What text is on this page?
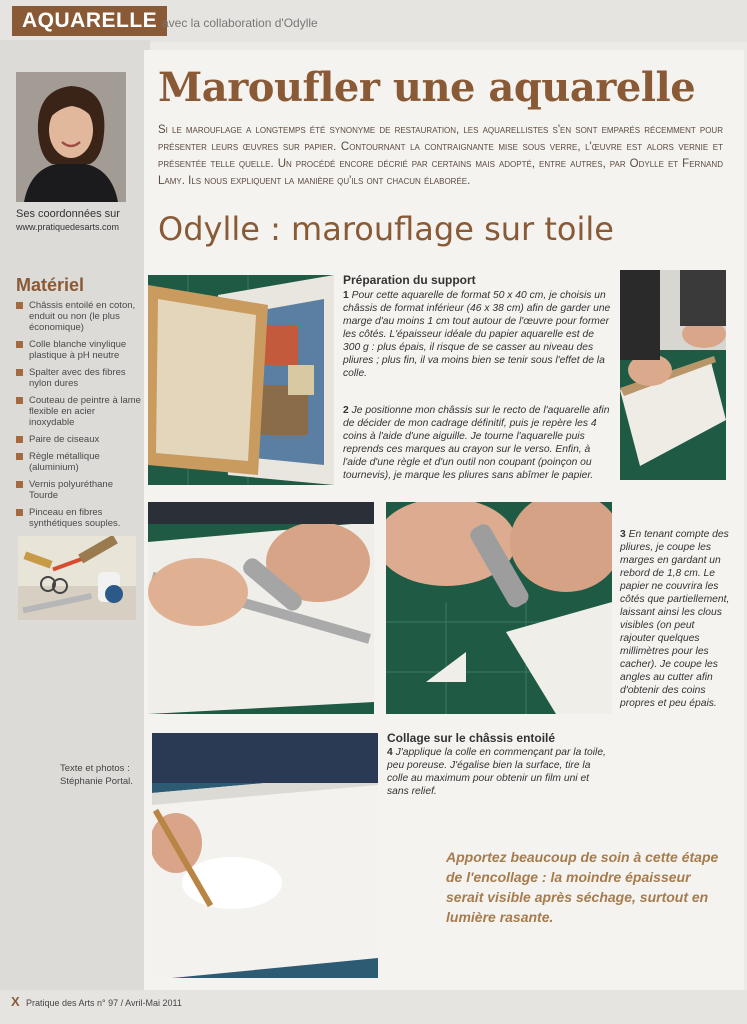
AQUARELLE avec la collaboration d'Odylle
Ses coordonnées sur
www.pratiquedesarts.com
Matériel
Châssis entoilé en coton, enduit ou non (le plus économique)
Colle blanche vinylique plastique à pH neutre
Spalter avec des fibres nylon dures
Couteau de peintre à lame flexible en acier inoxydable
Paire de ciseaux
Règle métallique (aluminium)
Vernis polyuréthane Tourde
Pinceau en fibres synthétiques souples.
Texte et photos :
Stéphanie Portal.
Maroufler une aquarelle
Si le marouflage a longtemps été synonyme de restauration, les aquarellistes s'en sont emparés récemment pour présenter leurs œuvres sur papier. Contournant la contraignante mise sous verre, l'œuvre est alors vernie et présentée telle quelle. Un procédé encore décrié par certains mais adopté, entre autres, par Odylle et Fernand Lamy. Ils nous expliquent la manière qu'ils ont chacun élaborée.
Odylle : marouflage sur toile
Préparation du support
1 Pour cette aquarelle de format 50 x 40 cm, je choisis un châssis de format inférieur (46 x 38 cm) afin de garder une marge d'au moins 1 cm tout autour de l'œuvre pour former les côtés. L'épaisseur idéale du papier aquarelle est de 300 g : plus épais, il risque de se casser au niveau des pliures ; plus fin, il va moins bien se tenir sous l'effet de la colle.
2 Je positionne mon châssis sur le recto de l'aquarelle afin de décider de mon cadrage définitif, puis je repère les 4 coins à l'aide d'une aiguille. Je tourne l'aquarelle puis reprends ces marques au crayon sur le verso. Enfin, à l'aide d'une règle et d'un outil non coupant (poinçon ou tournevis), je marque les pliures sans abîmer le papier.
3 En tenant compte des pliures, je coupe les marges en gardant un rebord de 1,8 cm. Le papier ne couvrira les côtés que partiellement, laissant ainsi les clous visibles (on peut rajouter quelques millimètres pour les cacher). Je coupe les angles au cutter afin d'obtenir des coins propres et peu épais.
Collage sur le châssis entoilé
4 J'applique la colle en commençant par la toile, peu poreuse. J'égalise bien la surface, tire la colle au maximum pour obtenir un film uni et sans relief.
Apportez beaucoup de soin à cette étape de l'encollage : la moindre épaisseur serait visible après séchage, surtout en lumière rasante.
X Pratique des Arts n° 97 / Avril-Mai 2011
